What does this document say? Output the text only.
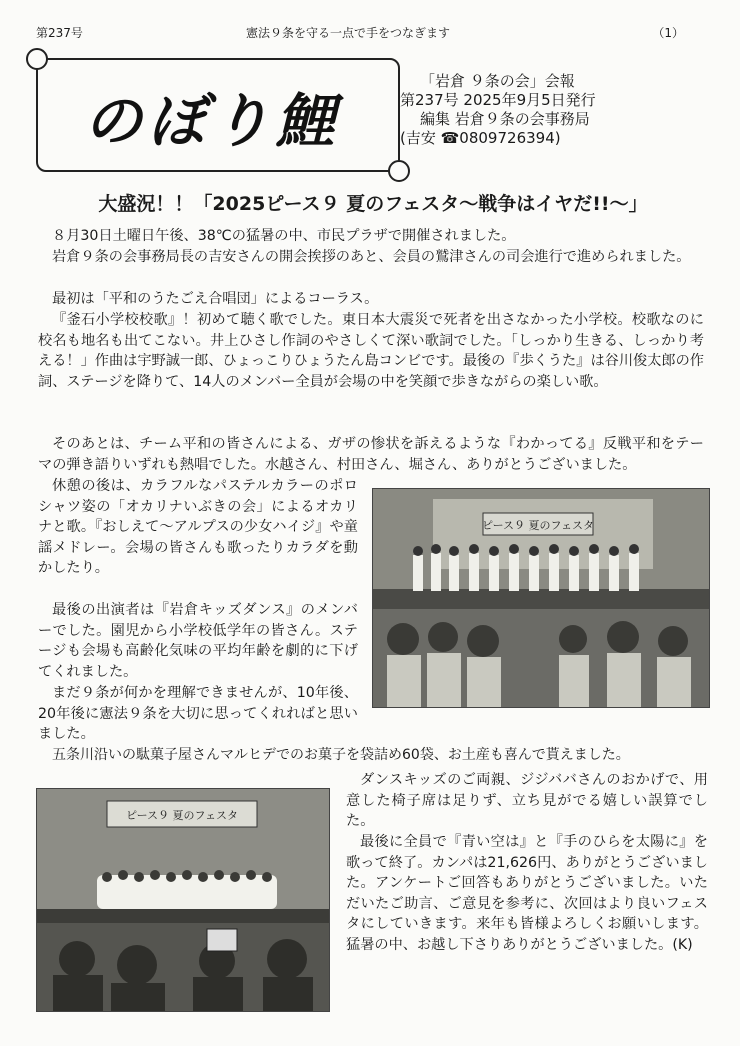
第237号	憲法９条を守る一点で手をつなぎます	（1）
のぼり鯉
「岩倉 ９条の会」会報
第237号 2025年9月5日発行
編集 岩倉９条の会事務局
(吉安 ☎0809726394)
大盛況！！「2025ピース９ 夏のフェスタ～戦争はイヤだ!!～」
８月30日土曜日午後、38℃の猛暑の中、市民プラザで開催されました。
岩倉９条の会事務局長の吉安さんの開会挨拶のあと、会員の鷲津さんの司会進行で進められました。
最初は「平和のうたごえ合唱団」によるコーラス。
『釜石小学校校歌』！初めて聴く歌でした。東日本大震災で死者を出さなかった小学校。校歌なのに校名も地名も出てこない。井上ひさし作詞のやさしくて深い歌詞でした。「しっかり生きる、しっかり考える！」作曲は宇野誠一郎、ひょっこりひょうたん島コンビです。最後の『歩くうた』は谷川俊太郎の作詞、ステージを降りて、14人のメンバー全員が会場の中を笑顔で歩きながらの楽しい歌。
そのあとは、チーム平和の皆さんによる、ガザの惨状を訴えるような『わかってる』反戦平和をテーマの弾き語りいずれも熱唱でした。水越さん、村田さん、堀さん、ありがとうございました。
休憩の後は、カラフルなパステルカラーのポロシャツ姿の「オカリナいぶきの会」によるオカリナと歌。『おしえて～アルプスの少女ハイジ』や童謡メドレー。会場の皆さんも歌ったりカラダを動かしたり。
最後の出演者は『岩倉キッズダンス』のメンバーでした。園児から小学校低学年の皆さん。ステージも会場も高齢化気味の平均年齢を劇的に下げてくれました。
まだ９条が何かを理解できませんが、10年後、20年後に憲法９条を大切に思ってくれればと思いました。
五条川沿いの駄菓子屋さんマルヒデでのお菓子を袋詰め60袋、お土産も喜んで貰えました。
ダンスキッズのご両親、ジジババさんのおかげで、用意した椅子席は足りず、立ち見がでる嬉しい誤算でした。
最後に全員で『青い空は』と『手のひらを太陽に』を歌って終了。カンパは21,626円、ありがとうございました。アンケートご回答もありがとうございました。いただいたご助言、ご意見を参考に、次回はより良いフェスタにしていきます。来年も皆様よろしくお願いします。猛暑の中、お越し下さりありがとうございました。(K)
ピース９ 夏のフェスタ
ピース９ 夏のフェスタ
